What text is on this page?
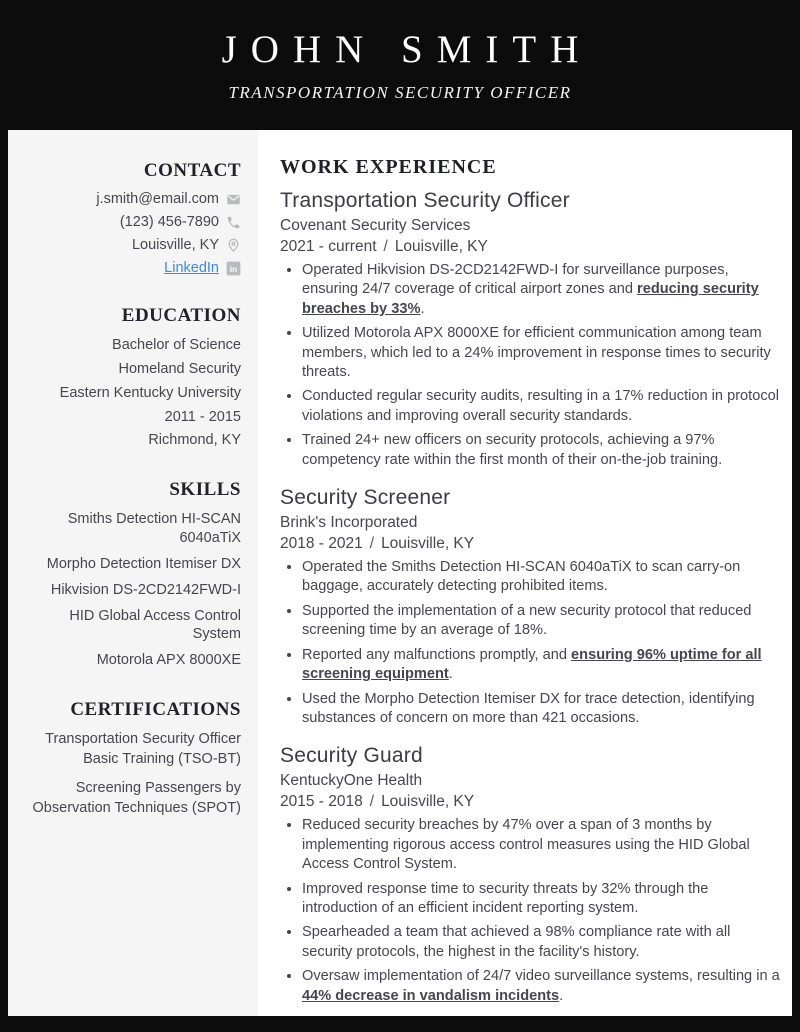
JOHN SMITH
TRANSPORTATION SECURITY OFFICER
CONTACT
j.smith@email.com
(123) 456-7890
Louisville, KY
LinkedIn in
EDUCATION
Bachelor of Science
Homeland Security
Eastern Kentucky University
2011 - 2015
Richmond, KY
SKILLS
Smiths Detection HI-SCAN 6040aTiX
Morpho Detection Itemiser DX
Hikvision DS-2CD2142FWD-I
HID Global Access Control System
Motorola APX 8000XE
CERTIFICATIONS
Transportation Security Officer Basic Training (TSO-BT)
Screening Passengers by Observation Techniques (SPOT)
WORK EXPERIENCE
Transportation Security Officer
Covenant Security Services
2021 - current / Louisville, KY
• Operated Hikvision DS-2CD2142FWD-I for surveillance purposes, ensuring 24/7 coverage of critical airport zones and reducing security breaches by 33%.
• Utilized Motorola APX 8000XE for efficient communication among team members, which led to a 24% improvement in response times to security threats.
• Conducted regular security audits, resulting in a 17% reduction in protocol violations and improving overall security standards.
• Trained 24+ new officers on security protocols, achieving a 97% competency rate within the first month of their on-the-job training.
Security Screener
Brink's Incorporated
2018 - 2021 / Louisville, KY
• Operated the Smiths Detection HI-SCAN 6040aTiX to scan carry-on baggage, accurately detecting prohibited items.
• Supported the implementation of a new security protocol that reduced screening time by an average of 18%.
• Reported any malfunctions promptly, and ensuring 96% uptime for all screening equipment.
• Used the Morpho Detection Itemiser DX for trace detection, identifying substances of concern on more than 421 occasions.
Security Guard
KentuckyOne Health
2015 - 2018 / Louisville, KY
• Reduced security breaches by 47% over a span of 3 months by implementing rigorous access control measures using the HID Global Access Control System.
• Improved response time to security threats by 32% through the introduction of an efficient incident reporting system.
• Spearheaded a team that achieved a 98% compliance rate with all security protocols, the highest in the facility's history.
• Oversaw implementation of 24/7 video surveillance systems, resulting in a 44% decrease in vandalism incidents.
